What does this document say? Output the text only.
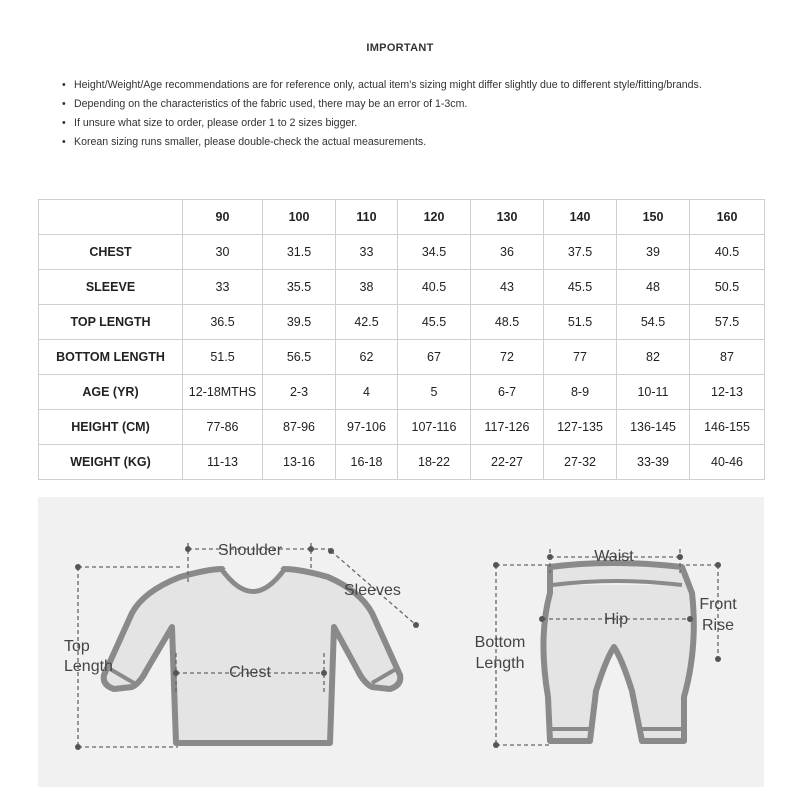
IMPORTANT
• Height/Weight/Age recommendations are for reference only, actual item's sizing might differ slightly due to different style/fitting/brands.
• Depending on the characteristics of the fabric used, there may be an error of 1-3cm.
• If unsure what size to order, please order 1 to 2 sizes bigger.
• Korean sizing runs smaller, please double-check the actual measurements.
	90	100	110	120	130	140	150	160
CHEST	30	31.5	33	34.5	36	37.5	39	40.5
SLEEVE	33	35.5	38	40.5	43	45.5	48	50.5
TOP LENGTH	36.5	39.5	42.5	45.5	48.5	51.5	54.5	57.5
BOTTOM LENGTH	51.5	56.5	62	67	72	77	82	87
AGE (YR)	12-18MTHS	2-3	4	5	6-7	8-9	10-11	12-13
HEIGHT (CM)	77-86	87-96	97-106	107-116	117-126	127-135	136-145	146-155
WEIGHT (KG)	11-13	13-16	16-18	18-22	22-27	27-32	33-39	40-46
Shoulder
Sleeves
Top
Length	Chest
Waist
Hip
Front
Rise
Bottom
Length
